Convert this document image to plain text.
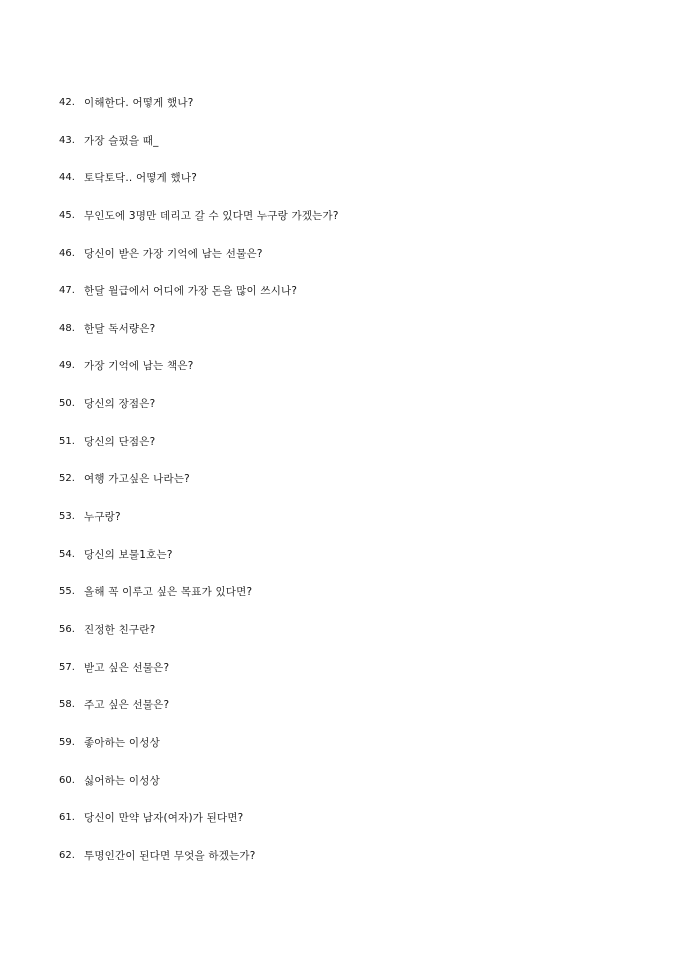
42. 이해한다. 어떻게 했나?
43. 가장 슬펐을 때_
44. 토닥토닥.. 어떻게 했나?
45. 무인도에 3명만 데리고 갈 수 있다면 누구랑 가겠는가?
46. 당신이 받은 가장 기억에 남는 선물은?
47. 한달 월급에서 어디에 가장 돈을 많이 쓰시나?
48. 한달 독서량은?
49. 가장 기억에 남는 책은?
50. 당신의 장점은?
51. 당신의 단점은?
52. 여행 가고싶은 나라는?
53. 누구랑?
54. 당신의 보물1호는?
55. 올해 꼭 이루고 싶은 목표가 있다면?
56. 진정한 친구란?
57. 받고 싶은 선물은?
58. 주고 싶은 선물은?
59. 좋아하는 이성상
60. 싫어하는 이성상
61. 당신이 만약 남자(여자)가 된다면?
62. 투명인간이 된다면 무엇을 하겠는가?
